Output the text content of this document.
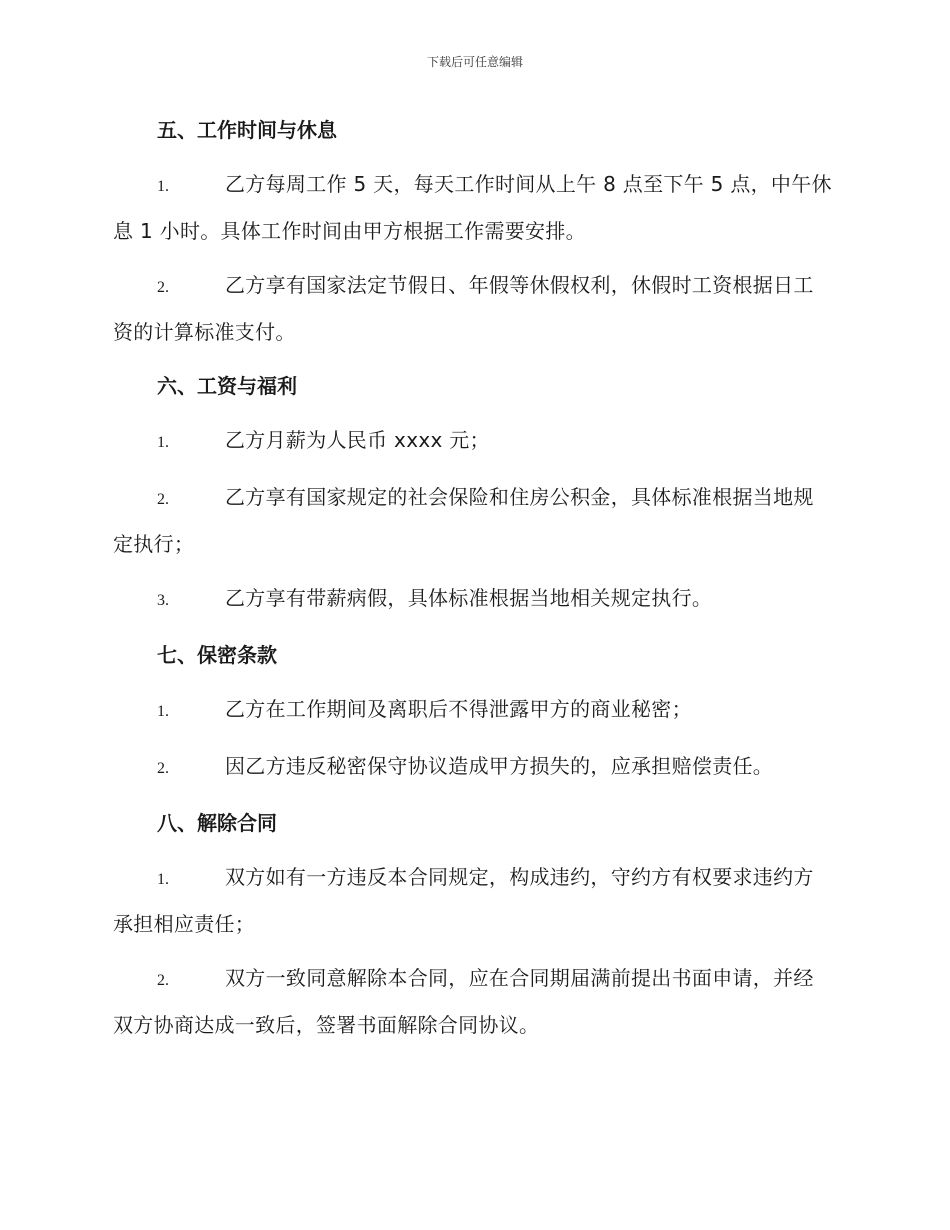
下载后可任意编辑
五、工作时间与休息
1.	乙方每周工作 5 天，每天工作时间从上午 8 点至下午 5 点，中午休息 1 小时。具体工作时间由甲方根据工作需要安排。
2.	乙方享有国家法定节假日、年假等休假权利，休假时工资根据日工资的计算标准支付。
六、工资与福利
1.	乙方月薪为人民币 xxxx 元；
2.	乙方享有国家规定的社会保险和住房公积金，具体标准根据当地规定执行；
3.	乙方享有带薪病假，具体标准根据当地相关规定执行。
七、保密条款
1.	乙方在工作期间及离职后不得泄露甲方的商业秘密；
2.	因乙方违反秘密保守协议造成甲方损失的，应承担赔偿责任。
八、解除合同
1.	双方如有一方违反本合同规定，构成违约，守约方有权要求违约方承担相应责任；
2.	双方一致同意解除本合同，应在合同期届满前提出书面申请，并经双方协商达成一致后，签署书面解除合同协议。
